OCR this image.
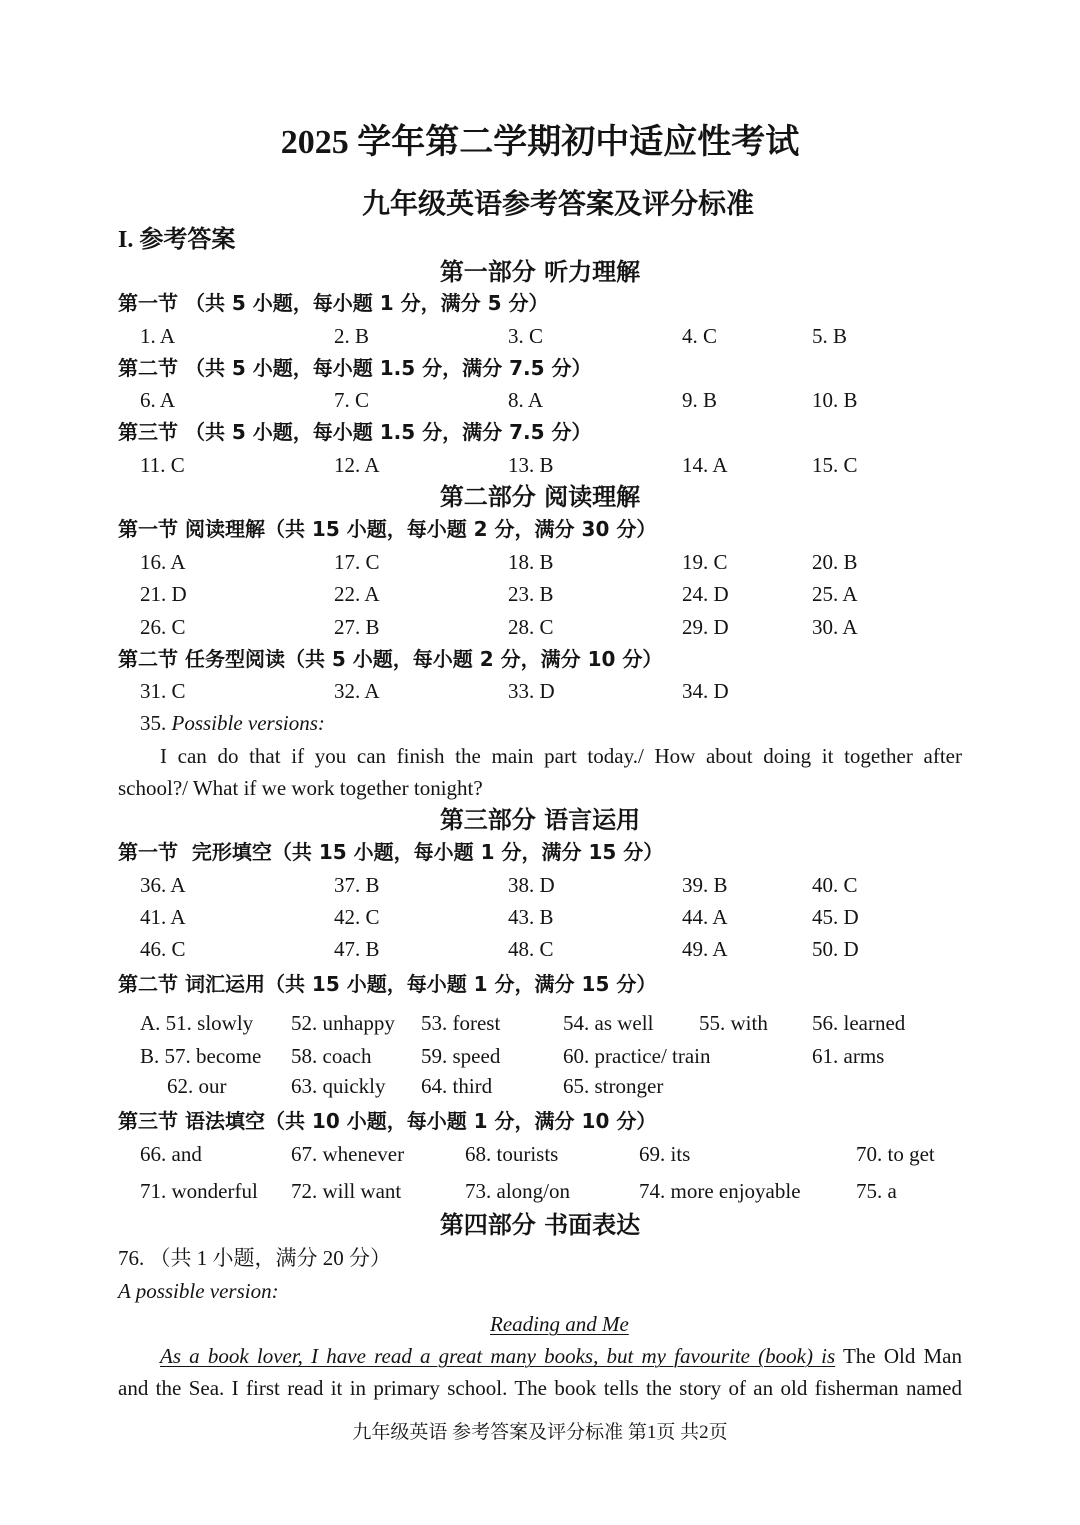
2025 学年第二学期初中适应性考试
九年级英语参考答案及评分标准
I. 参考答案
第一部分 听力理解
第一节 （共 5 小题，每小题 1 分，满分 5 分）
1. A	2. B	3. C	4. C	5. B
第二节 （共 5 小题，每小题 1.5 分，满分 7.5 分）
6. A	7. C	8. A	9. B	10. B
第三节 （共 5 小题，每小题 1.5 分，满分 7.5 分）
11. C	12. A	13. B	14. A	15. C
第二部分 阅读理解
第一节 阅读理解（共 15 小题，每小题 2 分，满分 30 分）
16. A	17. C	18. B	19. C	20. B
21. D	22. A	23. B	24. D	25. A
26. C	27. B	28. C	29. D	30. A
第二节 任务型阅读（共 5 小题，每小题 2 分，满分 10 分）
31. C	32. A	33. D	34. D
35. Possible versions:
I can do that if you can finish the main part today./ How about doing it together after
school?/ What if we work together tonight?
第三部分 语言运用
第一节  完形填空（共 15 小题，每小题 1 分，满分 15 分）
36. A	37. B	38. D	39. B	40. C
41. A	42. C	43. B	44. A	45. D
46. C	47. B	48. C	49. A	50. D
第二节 词汇运用（共 15 小题，每小题 1 分，满分 15 分）
A. 51. slowly 52. unhappy 53. forest	54. as well 55. with 56. learned
B. 57. become 58. coach 59. speed	60. practice/ train	61. arms
62. our	63. quickly 64. third	65. stronger
第三节 语法填空（共 10 小题，每小题 1 分，满分 10 分）
66. and	67. whenever	68. tourists	69. its	70. to get
71. wonderful 72. will want	73. along/on	74. more enjoyable	75. a
第四部分 书面表达
76. （共 1 小题，满分 20 分）
A possible version:
Reading and Me
As a book lover, I have read a great many books, but my favourite (book) is The Old Man
and the Sea. I first read it in primary school. The book tells the story of an old fisherman named
九年级英语 参考答案及评分标准 第1页 共2页
